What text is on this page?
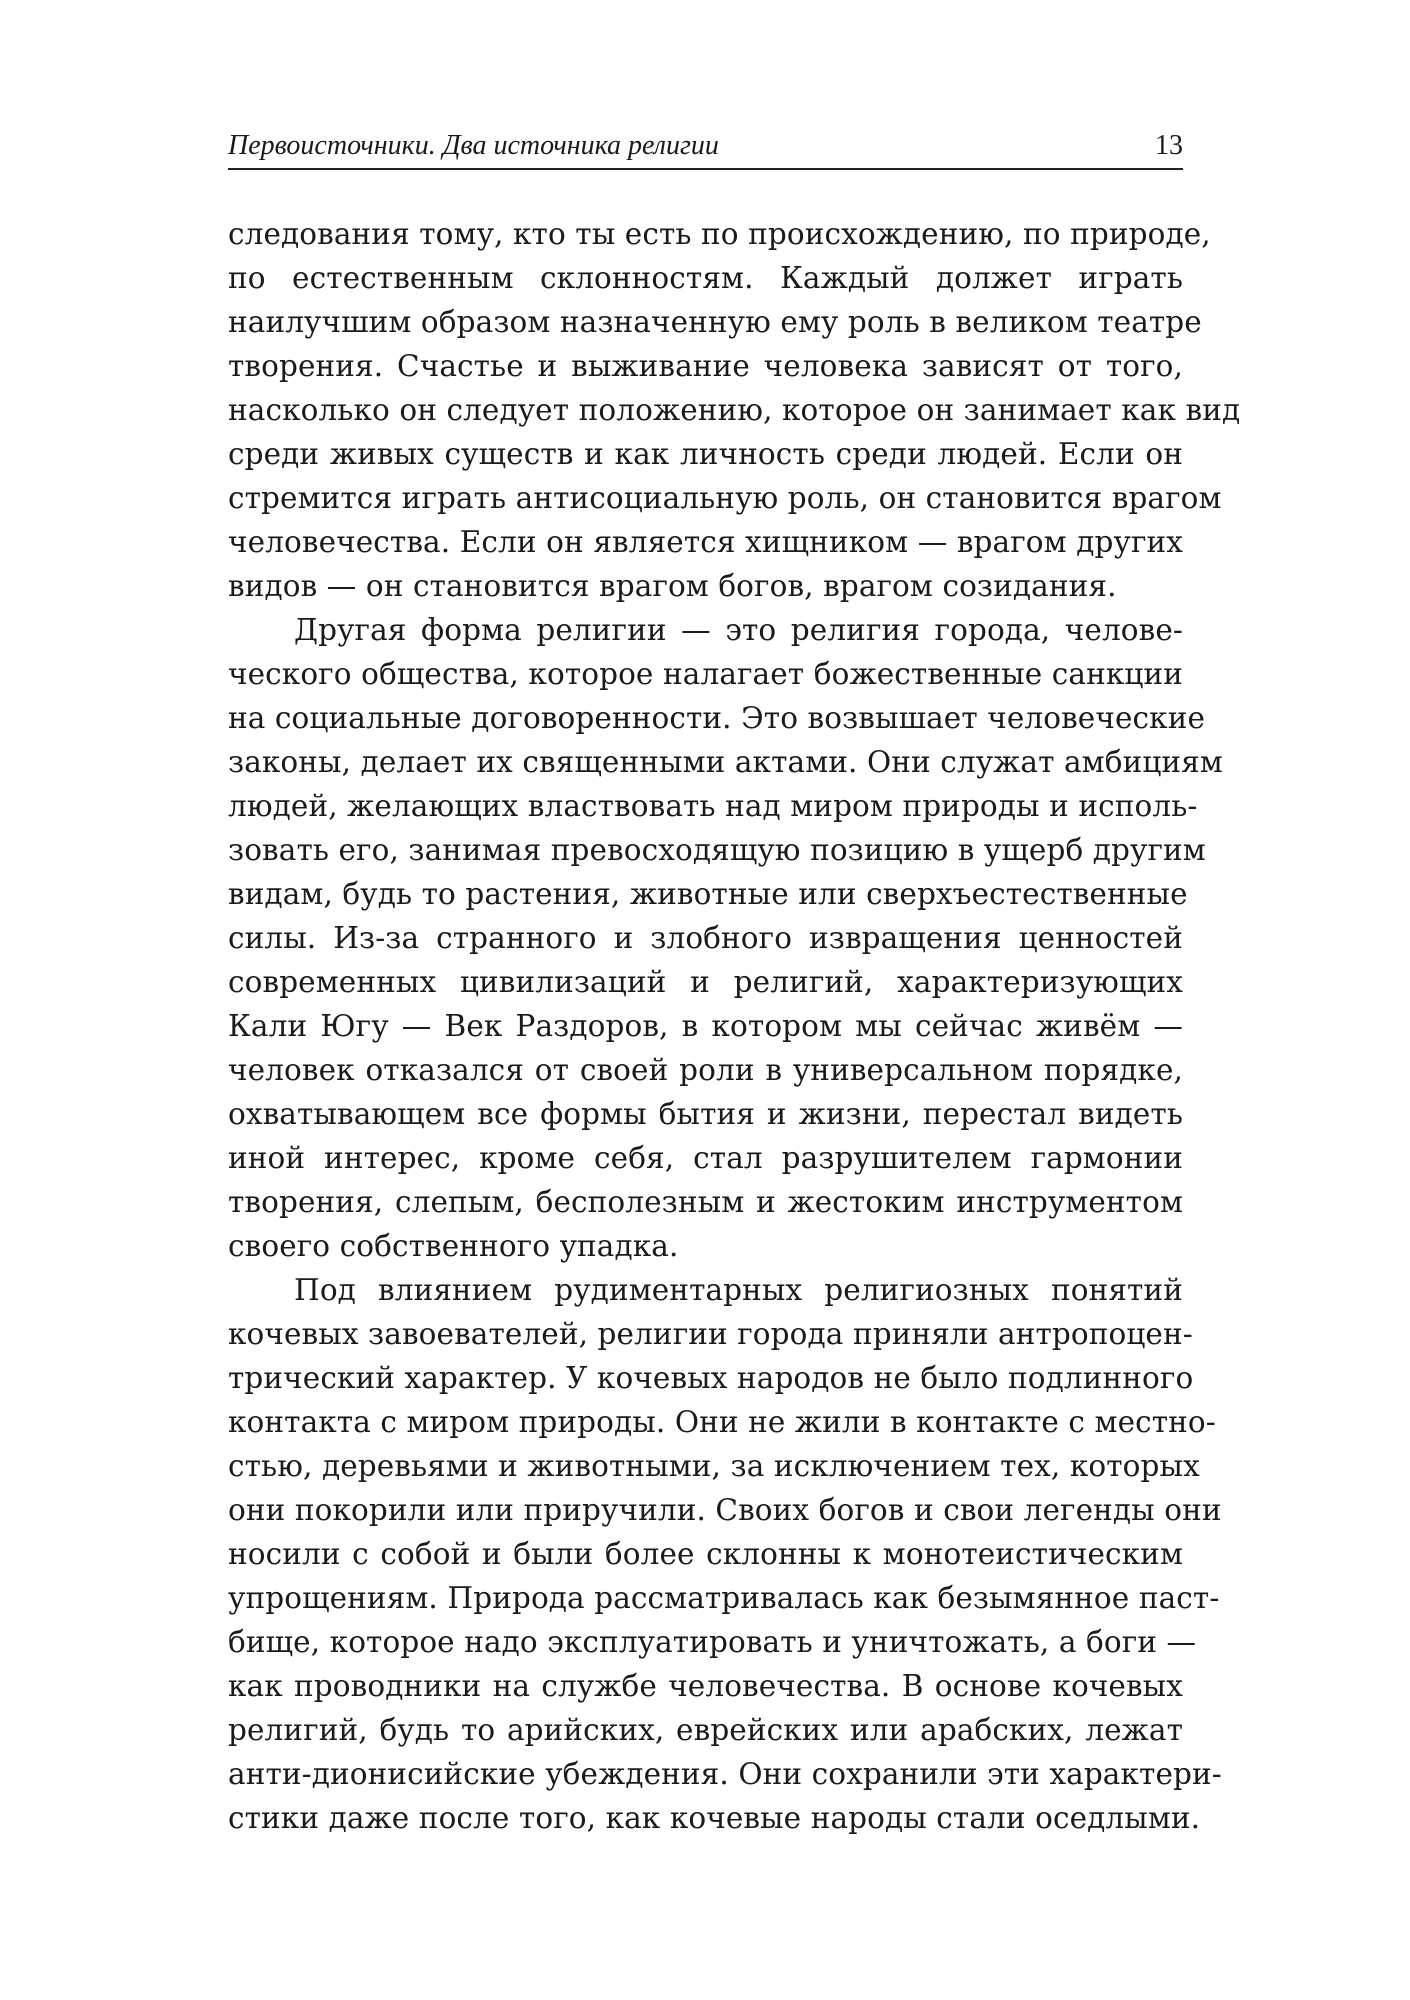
Первоисточники. Два источника религии	13
следования тому, кто ты есть по происхождению, по природе,
по естественным склонностям. Каждый должет играть
наилучшим образом назначенную ему роль в великом театре
творения. Счастье и выживание человека зависят от того,
насколько он следует положению, которое он занимает как вид
среди живых существ и как личность среди людей. Если он
стремится играть антисоциальную роль, он становится врагом
человечества. Если он является хищником — врагом других
видов — он становится врагом богов, врагом созидания.
Другая форма религии — это религия города, челове-
ческого общества, которое налагает божественные санкции
на социальные договоренности. Это возвышает человеческие
законы, делает их священными актами. Они служат амбициям
людей, желающих властвовать над миром природы и исполь-
зовать его, занимая превосходящую позицию в ущерб другим
видам, будь то растения, животные или сверхъестественные
силы. Из-за странного и злобного извращения ценностей
современных цивилизаций и религий, характеризующих
Кали Югу — Век Раздоров, в котором мы сейчас живём —
человек отказался от своей роли в универсальном порядке,
охватывающем все формы бытия и жизни, перестал видеть
иной интерес, кроме себя, стал разрушителем гармонии
творения, слепым, бесполезным и жестоким инструментом
своего собственного упадка.
Под влиянием рудиментарных религиозных понятий
кочевых завоевателей, религии города приняли антропоцен-
трический характер. У кочевых народов не было подлинного
контакта с миром природы. Они не жили в контакте с местно-
стью, деревьями и животными, за исключением тех, которых
они покорили или приручили. Своих богов и свои легенды они
носили с собой и были более склонны к монотеистическим
упрощениям. Природа рассматривалась как безымянное паст-
бище, которое надо эксплуатировать и уничтожать, а боги —
как проводники на службе человечества. В основе кочевых
религий, будь то арийских, еврейских или арабских, лежат
анти-дионисийские убеждения. Они сохранили эти характери-
стики даже после того, как кочевые народы стали оседлыми.
